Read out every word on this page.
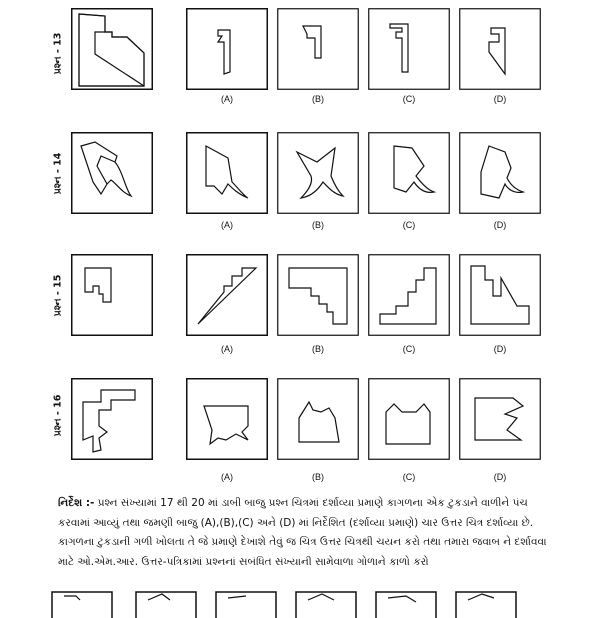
પ્રશ્ન - 13
(A)	(B)	(C)	(D)
પ્રશ્ન - 14
(A)	(B)	(C)	(D)
પ્રશ્ન - 15
(A)	(B)	(C)	(D)
પ્રશ્ન - 16
(A)	(B)	(C)	(D)
નિર્દેશ :- પ્રશ્ન સંખ્યામાં 17 થી 20 માં ડાબી બાજુ પ્રશ્ન ચિત્રમાં દર્શાવ્યા પ્રમાણે કાગળના એક ટુકડાને વાળીને પંચ કરવામાં આવ્યું તથા જમણી બાજુ (A),(B),(C) અને (D) માં નિર્દેશિત (દર્શાવ્યા પ્રમાણે) ચાર ઉત્તર ચિત્ર દર્શાવ્યા છે. કાગળના ટુકડાની ગળી ખોલતા તે જે પ્રમાણે દેખાશે તેવું જ ચિત્ર ઉત્તર ચિત્રથી ચયન કરો તથા તમારા જવાબ ને દર્શાવવા માટે ઓ.એમ.આર. ઉત્તર-પત્રિકામાં પ્રશ્નનાં સબંધિત સંખ્યાની સામેવાળા ગોળાને કાળો કરો
